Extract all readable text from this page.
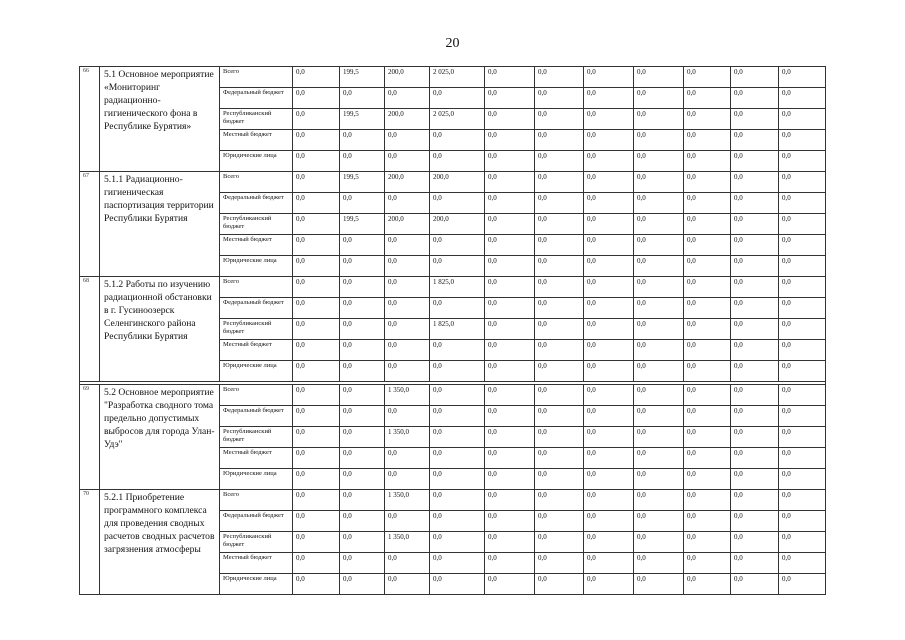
20
66	5.1 Основное мероприятие «Мониторинг радиационно-гигиенического фона в Республике Бурятия»	Всего	0,0	199,5	200,0	2 025,0	0,0	0,0	0,0	0,0	0,0	0,0	0,0
		Федеральный бюджет	0,0	0,0	0,0	0,0	0,0	0,0	0,0	0,0	0,0	0,0	0,0
		Республиканский бюджет	0,0	199,5	200,0	2 025,0	0,0	0,0	0,0	0,0	0,0	0,0	0,0
		Местный бюджет	0,0	0,0	0,0	0,0	0,0	0,0	0,0	0,0	0,0	0,0	0,0
		Юридические лица	0,0	0,0	0,0	0,0	0,0	0,0	0,0	0,0	0,0	0,0	0,0
67	5.1.1 Радиационно-гигиеническая паспортизация территории Республики Бурятия	Всего	0,0	199,5	200,0	200,0	0,0	0,0	0,0	0,0	0,0	0,0	0,0
		Федеральный бюджет	0,0	0,0	0,0	0,0	0,0	0,0	0,0	0,0	0,0	0,0	0,0
		Республиканский бюджет	0,0	199,5	200,0	200,0	0,0	0,0	0,0	0,0	0,0	0,0	0,0
		Местный бюджет	0,0	0,0	0,0	0,0	0,0	0,0	0,0	0,0	0,0	0,0	0,0
		Юридические лица	0,0	0,0	0,0	0,0	0,0	0,0	0,0	0,0	0,0	0,0	0,0
68	5.1.2 Работы по изучению радиационной обстановки в г. Гусиноозерск Селенгинского района Республики Бурятия	Всего	0,0	0,0	0,0	1 825,0	0,0	0,0	0,0	0,0	0,0	0,0	0,0
		Федеральный бюджет	0,0	0,0	0,0	0,0	0,0	0,0	0,0	0,0	0,0	0,0	0,0
		Республиканский бюджет	0,0	0,0	0,0	1 825,0	0,0	0,0	0,0	0,0	0,0	0,0	0,0
		Местный бюджет	0,0	0,0	0,0	0,0	0,0	0,0	0,0	0,0	0,0	0,0	0,0
		Юридические лица	0,0	0,0	0,0	0,0	0,0	0,0	0,0	0,0	0,0	0,0	0,0

69	5.2 Основное мероприятие "Разработка сводного тома предельно допустимых выбросов для города Улан-Удэ"	Всего	0,0	0,0	1 350,0	0,0	0,0	0,0	0,0	0,0	0,0	0,0	0,0
		Федеральный бюджет	0,0	0,0	0,0	0,0	0,0	0,0	0,0	0,0	0,0	0,0	0,0
		Республиканский бюджет	0,0	0,0	1 350,0	0,0	0,0	0,0	0,0	0,0	0,0	0,0	0,0
		Местный бюджет	0,0	0,0	0,0	0,0	0,0	0,0	0,0	0,0	0,0	0,0	0,0
		Юридические лица	0,0	0,0	0,0	0,0	0,0	0,0	0,0	0,0	0,0	0,0	0,0
70	5.2.1 Приобретение программного комплекса для проведения сводных расчетов сводных расчетов загрязнения атмосферы	Всего	0,0	0,0	1 350,0	0,0	0,0	0,0	0,0	0,0	0,0	0,0	0,0
		Федеральный бюджет	0,0	0,0	0,0	0,0	0,0	0,0	0,0	0,0	0,0	0,0	0,0
		Республиканский бюджет	0,0	0,0	1 350,0	0,0	0,0	0,0	0,0	0,0	0,0	0,0	0,0
		Местный бюджет	0,0	0,0	0,0	0,0	0,0	0,0	0,0	0,0	0,0	0,0	0,0
		Юридические лица	0,0	0,0	0,0	0,0	0,0	0,0	0,0	0,0	0,0	0,0	0,0
